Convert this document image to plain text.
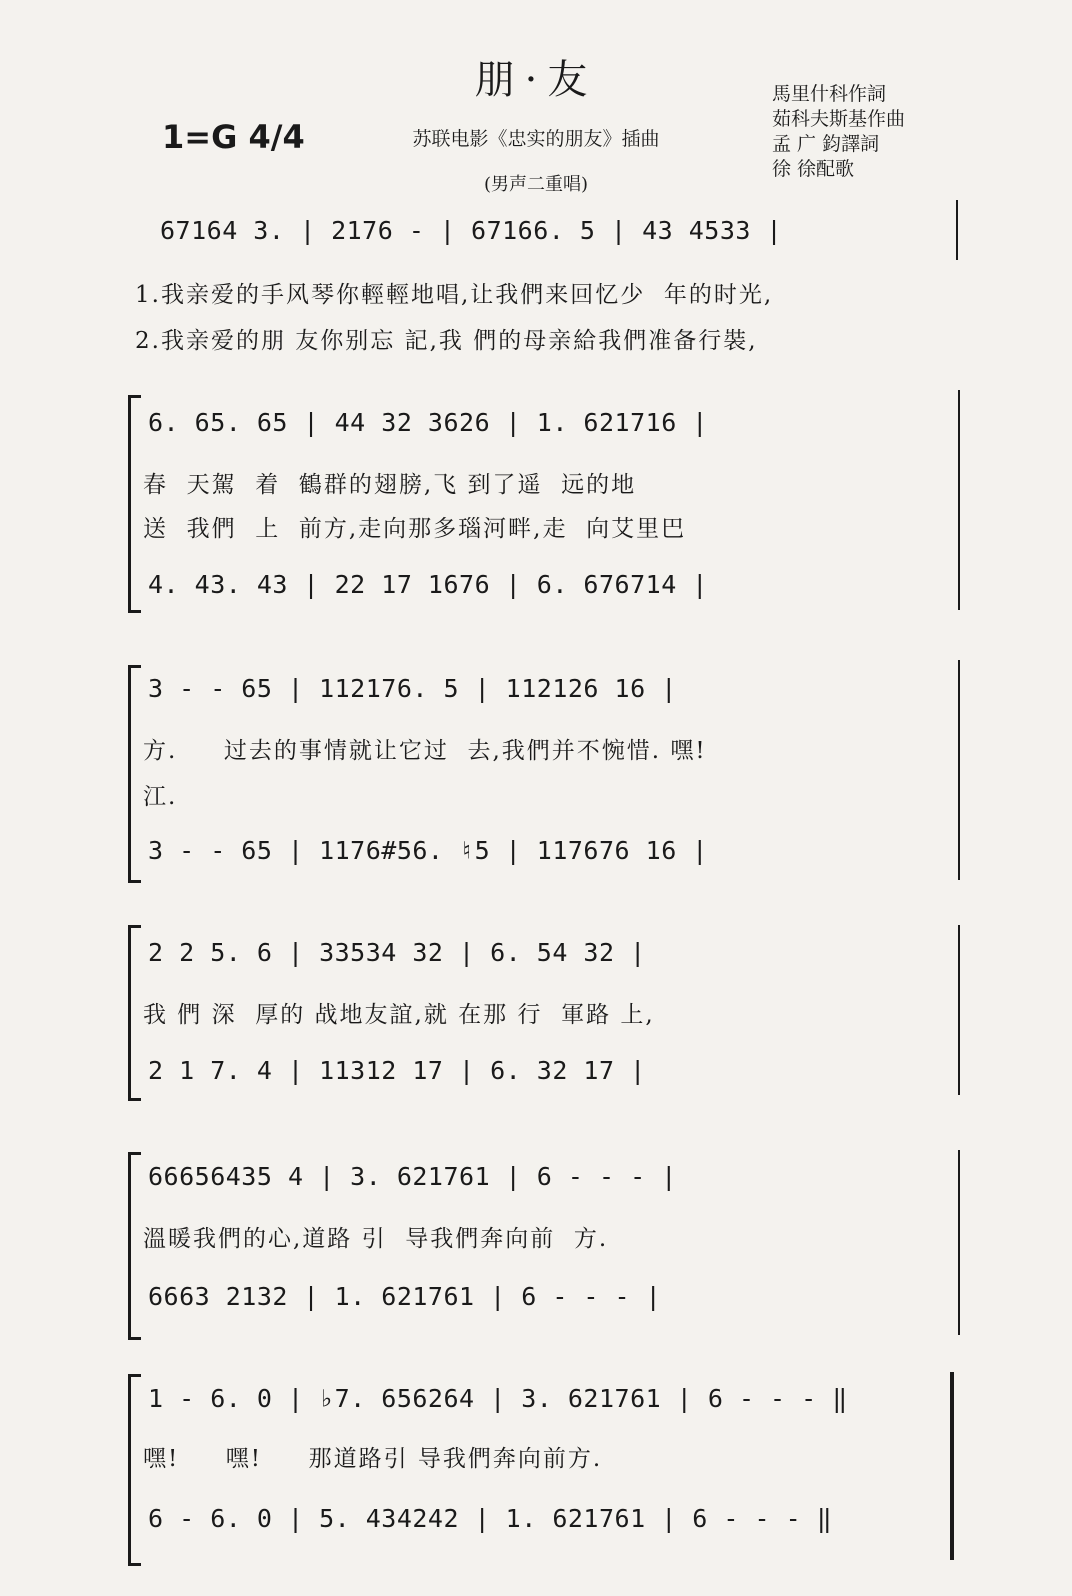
朋·友
1=G 4/4	苏联电影《忠实的朋友》插曲
(男声二重唱)
馬里什科作詞
茹科夫斯基作曲
孟 广 鈞譯詞
徐 徐配歌
67164 3. | 2176 - | 67166. 5 | 43 4533 |
1.我亲爱的手风琴你輕輕地唱,让我們来回忆少  年的时光,
2.我亲爱的朋 友你别忘 記,我 們的母亲給我們准备行裝,
6. 65. 65 | 44 32 3626 | 1. 621716 |
春  天駕  着  鶴群的翅膀,飞 到了遥  远的地
送  我們  上  前方,走向那多瑙河畔,走  向艾里巴
4. 43. 43 | 22 17 1676 | 6. 676714 |
3 - - 65 | 112176. 5 | 112126 16 |
方.     过去的事情就让它过  去,我們并不惋惜. 嘿!
江.
3 - - 65 | 1176#56. ♮5 | 117676 16 |
2 2 5. 6 | 33534 32 | 6. 54 32 |
我 們 深  厚的 战地友誼,就 在那 行  軍路 上,
2 1 7. 4 | 11312 17 | 6. 32 17 |
66656435 4 | 3. 621761 | 6 - - - |
溫暖我們的心,道路 引  导我們奔向前  方.
6663 2132 | 1. 621761 | 6 - - - |
1 - 6. 0 | ♭7. 656264 | 3. 621761 | 6 - - - ‖
嘿!     嘿!     那道路引 导我們奔向前方.
6 - 6. 0 | 5. 434242 | 1. 621761 | 6 - - - ‖
